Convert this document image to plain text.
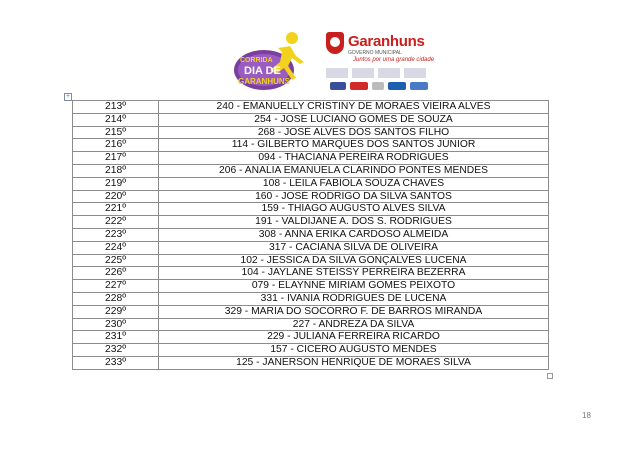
CORRIDA
DIA DE
GARANHUNS
Garanhuns
GOVERNO MUNICIPAL
Juntos por uma grande cidade
+
213º	240 - EMANUELLY CRISTINY DE MORAES VIEIRA ALVES
214º	254 - JOSÉ LUCIANO GOMES DE SOUZA
215º	268 - JOSÉ ALVES DOS SANTOS FILHO
216º	114 - GILBERTO MARQUES DOS SANTOS JÚNIOR
217º	094 - THACIANA PEREIRA RODRIGUES
218º	206 - ANALIA EMANUELA CLARINDO PONTES MENDES
219º	108 - LEILA FABÍOLA SOUZA CHAVES
220º	160 - JOSÉ RODRIGO DA SILVA SANTOS
221º	159 - THIAGO AUGUSTO ALVES SILVA
222º	191 - VALDIJANE A. DOS S. RODRIGUES
223º	308 - ANNA ERIKA CARDOSO ALMEIDA
224º	317 - CACIANA SILVA DE OLIVEIRA
225º	102 - JESSICA DA SILVA GONÇALVES LUCENA
226º	104 - JAYLANE STEISSY PERREIRA BEZERRA
227º	079 - ELAYNNE MIRIAM GOMES PEIXOTO
228º	331 - IVANIA RODRIGUES DE LUCENA
229º	329 - MARIA DO SOCORRO F. DE BARROS MIRANDA
230º	227 - ANDREZA DA SILVA
231º	229 - JULIANA FERREIRA RICARDO
232º	157 - CICERO AUGUSTO MENDES
233º	125 - JANERSON HENRIQUE DE MORAES SILVA
18
